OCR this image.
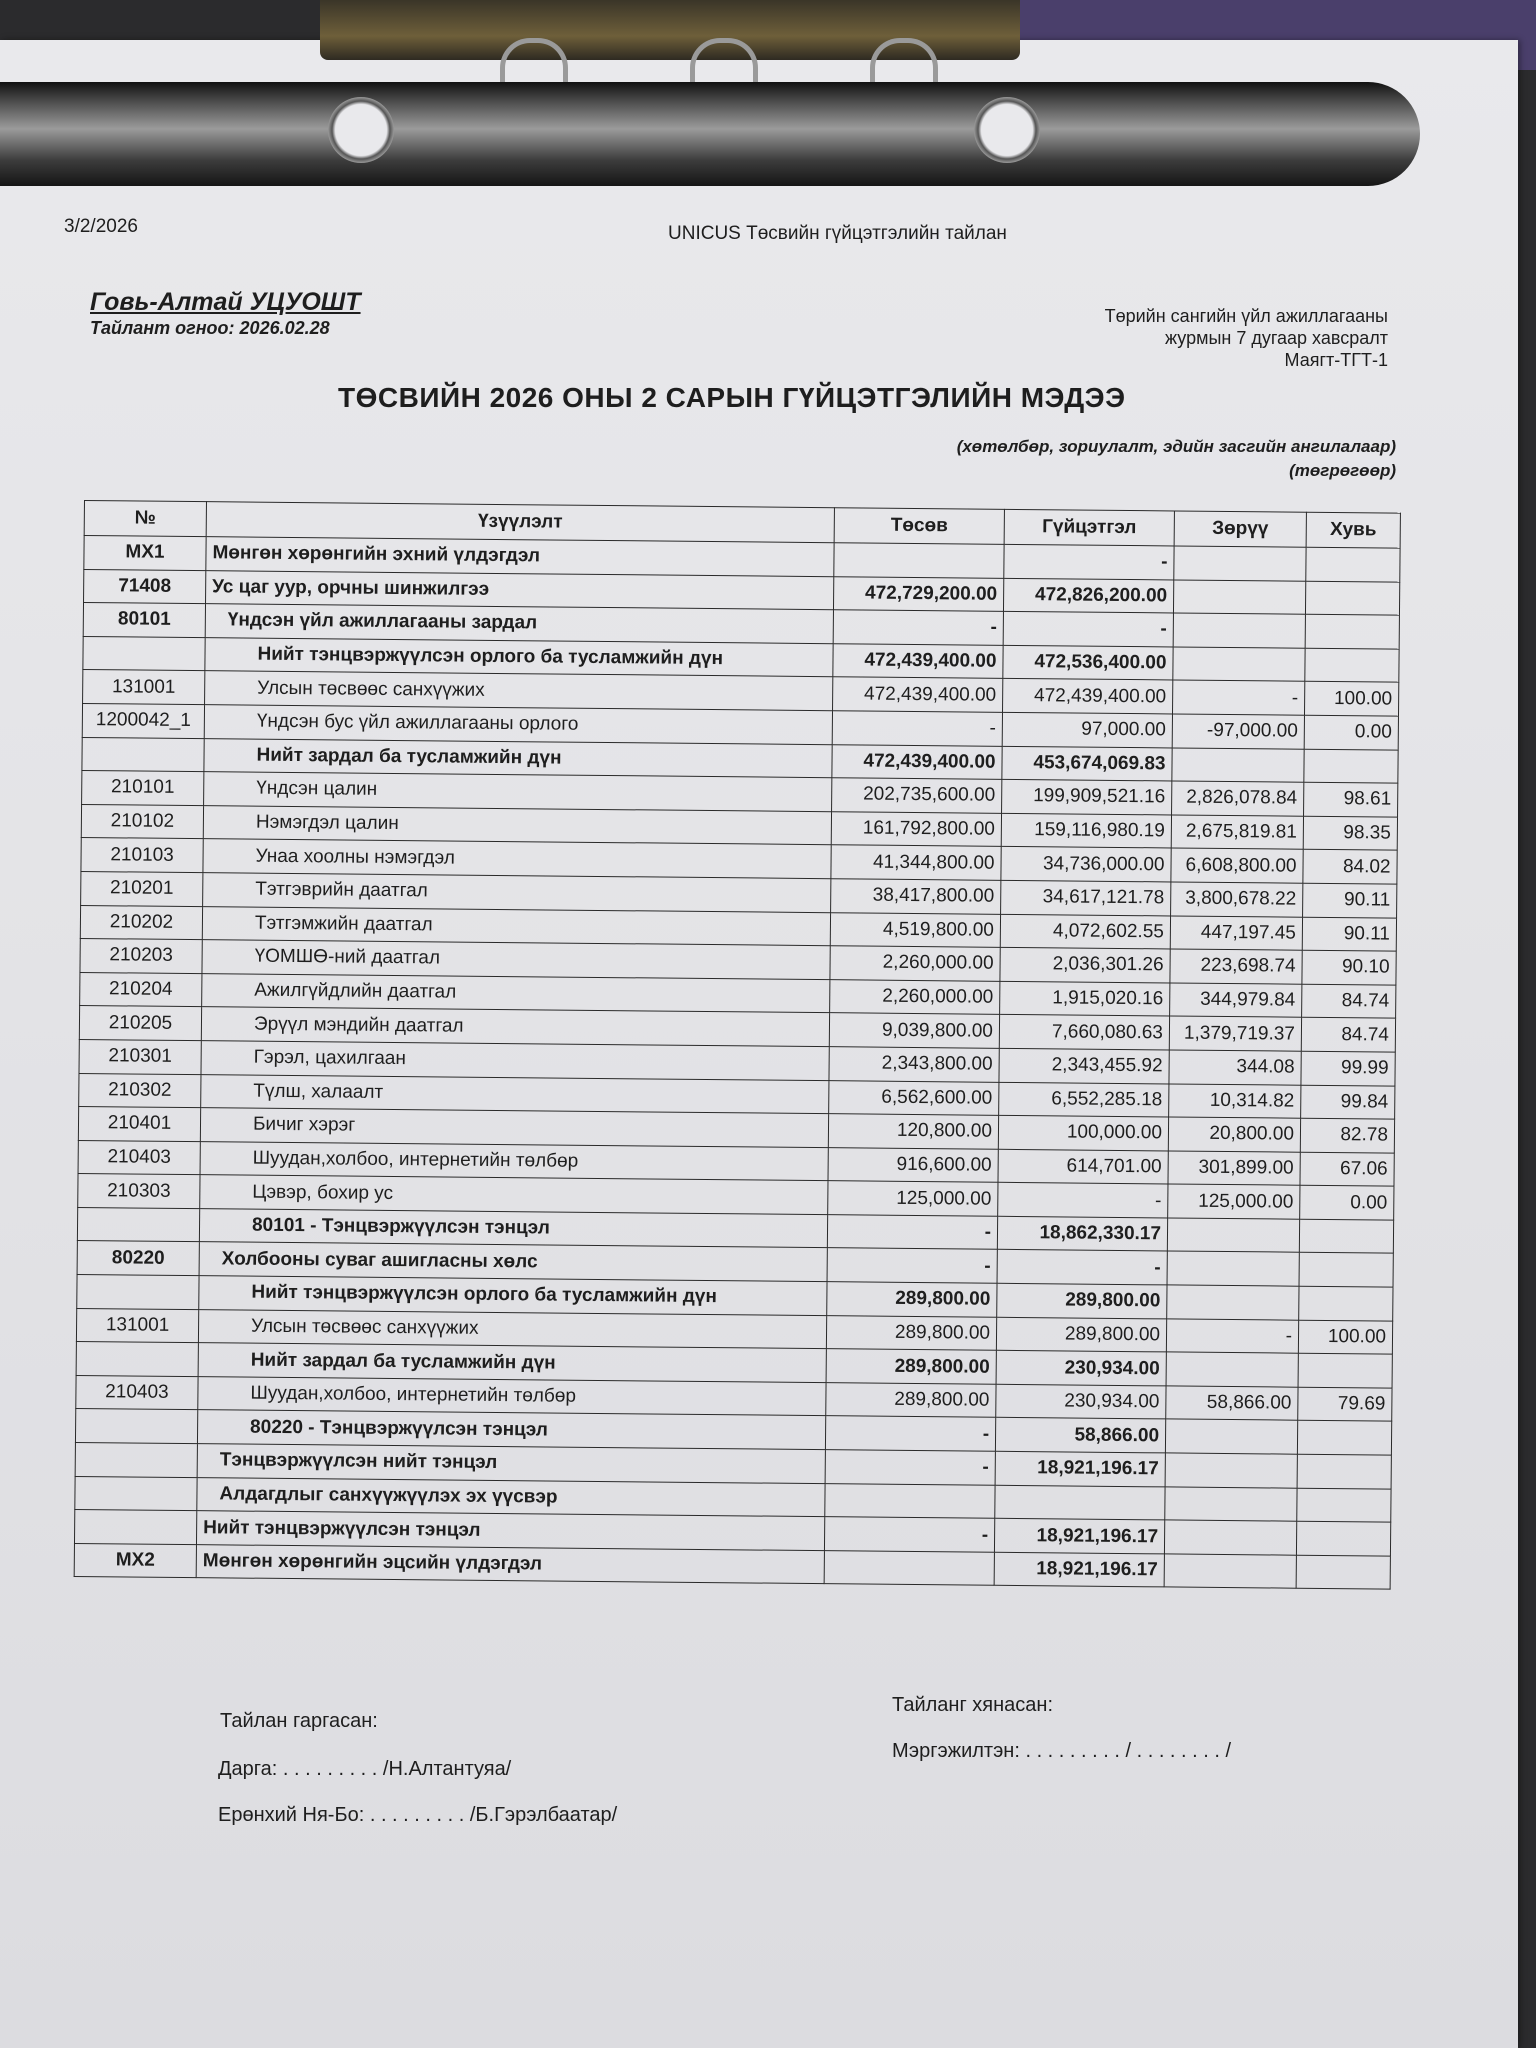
3/2/2026	UNICUS Төсвийн гүйцэтгэлийн тайлан
Говь-Алтай УЦУОШТ
Тайлант огноо: 2026.02.28
Төрийн сангийн үйл ажиллагааны
журмын 7 дугаар хавсралт
Маягт-ТГТ-1
ТӨСВИЙН 2026 ОНЫ 2 САРЫН ГҮЙЦЭТГЭЛИЙН МЭДЭЭ
(хөтөлбөр, зориулалт, эдийн засгийн ангилалаар)
(төгрөгөөр)
№	Үзүүлэлт	Төсөв	Гүйцэтгэл	Зөрүү	Хувь
MX1	Мөнгөн хөрөнгийн эхний үлдэгдэл		-		
71408	Ус цаг уур, орчны шинжилгээ	472,729,200.00	472,826,200.00		
80101	Үндсэн үйл ажиллагааны зардал	-	-		
	Нийт тэнцвэржүүлсэн орлого ба тусламжийн дүн	472,439,400.00	472,536,400.00		
131001	Улсын төсвөөс санхүүжих	472,439,400.00	472,439,400.00	-	100.00
1200042_1	Үндсэн бус үйл ажиллагааны орлого	-	97,000.00	-97,000.00	0.00
	Нийт зардал ба тусламжийн дүн	472,439,400.00	453,674,069.83		
210101	Үндсэн цалин	202,735,600.00	199,909,521.16	2,826,078.84	98.61
210102	Нэмэгдэл цалин	161,792,800.00	159,116,980.19	2,675,819.81	98.35
210103	Унаа хоолны нэмэгдэл	41,344,800.00	34,736,000.00	6,608,800.00	84.02
210201	Тэтгэврийн даатгал	38,417,800.00	34,617,121.78	3,800,678.22	90.11
210202	Тэтгэмжийн даатгал	4,519,800.00	4,072,602.55	447,197.45	90.11
210203	ҮОМШӨ-ний даатгал	2,260,000.00	2,036,301.26	223,698.74	90.10
210204	Ажилгүйдлийн даатгал	2,260,000.00	1,915,020.16	344,979.84	84.74
210205	Эрүүл мэндийн даатгал	9,039,800.00	7,660,080.63	1,379,719.37	84.74
210301	Гэрэл, цахилгаан	2,343,800.00	2,343,455.92	344.08	99.99
210302	Түлш, халаалт	6,562,600.00	6,552,285.18	10,314.82	99.84
210401	Бичиг хэрэг	120,800.00	100,000.00	20,800.00	82.78
210403	Шуудан,холбоо, интернетийн төлбөр	916,600.00	614,701.00	301,899.00	67.06
210303	Цэвэр, бохир ус	125,000.00	-	125,000.00	0.00
	80101 - Тэнцвэржүүлсэн тэнцэл	-	18,862,330.17		
80220	Холбооны суваг ашигласны хөлс	-	-		
	Нийт тэнцвэржүүлсэн орлого ба тусламжийн дүн	289,800.00	289,800.00		
131001	Улсын төсвөөс санхүүжих	289,800.00	289,800.00	-	100.00
	Нийт зардал ба тусламжийн дүн	289,800.00	230,934.00		
210403	Шуудан,холбоо, интернетийн төлбөр	289,800.00	230,934.00	58,866.00	79.69
	80220 - Тэнцвэржүүлсэн тэнцэл	-	58,866.00		
	Тэнцвэржүүлсэн нийт тэнцэл	-	18,921,196.17		
	Алдагдлыг санхүүжүүлэх эх үүсвэр				
	Нийт тэнцвэржүүлсэн тэнцэл	-	18,921,196.17		
MX2	Мөнгөн хөрөнгийн эцсийн үлдэгдэл		18,921,196.17		
Тайлан гаргасан:
Дарга: . . . . . . . . . /Н.Алтантуяа/
Ерөнхий Ня-Бо: . . . . . . . . . /Б.Гэрэлбаатар/
Тайланг хянасан:
Мэргэжилтэн: . . . . . . . . . / . . . . . . . . /
